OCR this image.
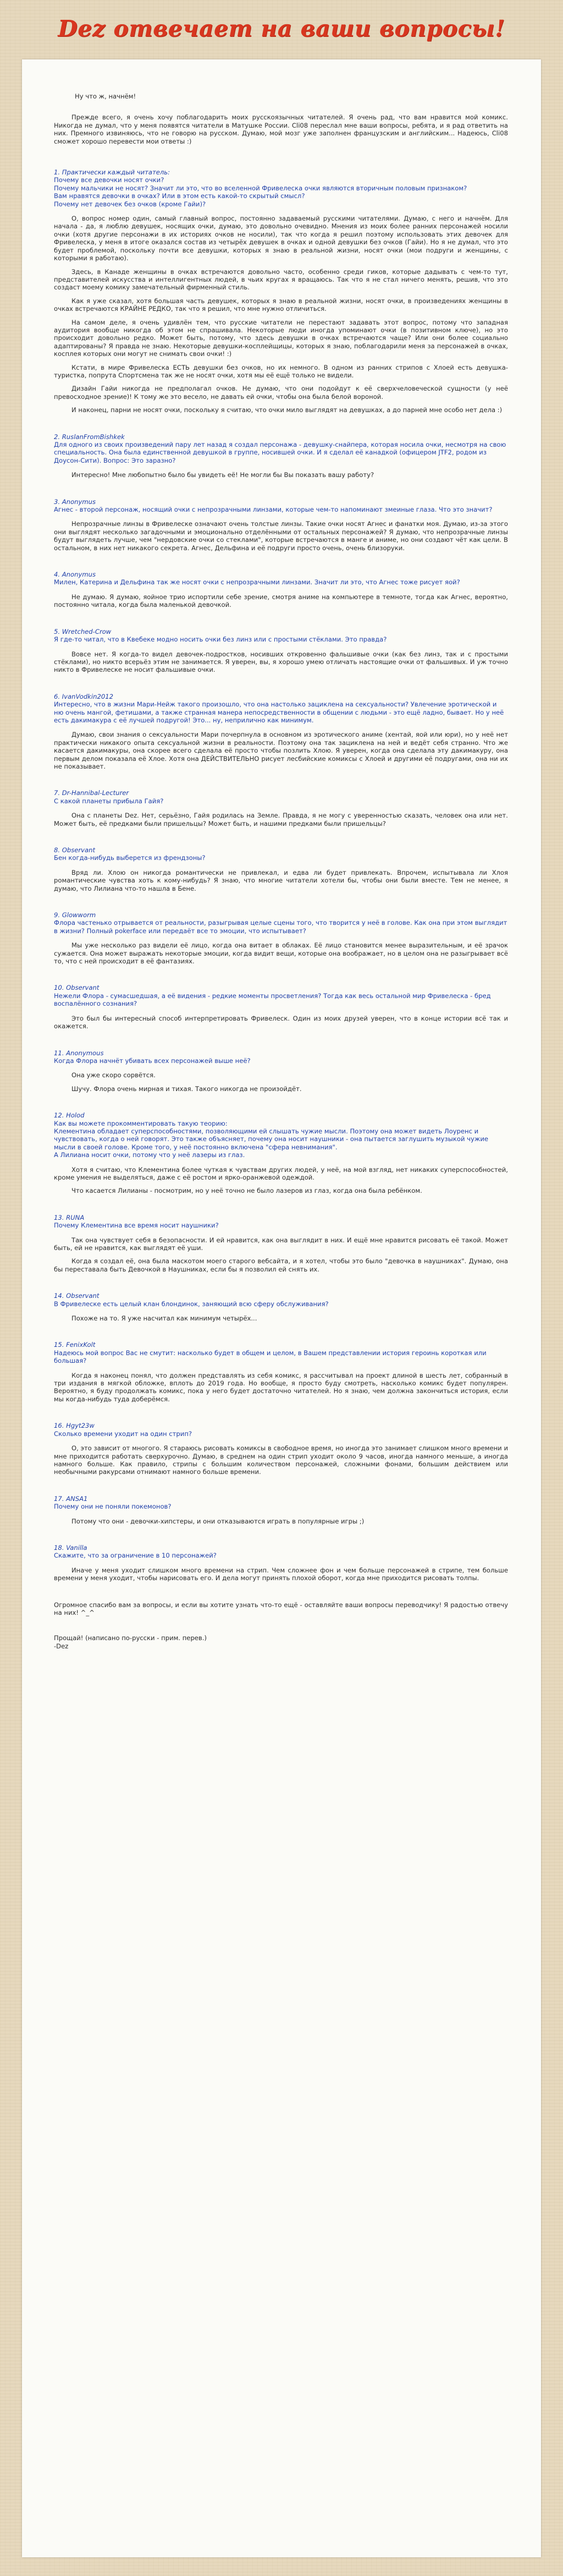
Dez отвечает на ваши вопросы!
Ну что ж, начнём!

Прежде всего, я очень хочу поблагодарить моих русскоязычных читателей. Я очень рад, что вам нравится мой комикс. Никогда не думал, что у меня появятся читатели в Матушке России. Cli08 переслал мне ваши вопросы, ребята, и я рад ответить на них. Премного извиняюсь, что не говорю на русском. Думаю, мой мозг уже заполнен французским и английским... Надеюсь, Cli08 сможет хорошо перевести мои ответы :)

1. Практически каждый читатель:
Почему все девочки носят очки?
Почему мальчики не носят? Значит ли это, что во вселенной Фривелеска очки являются вторичным половым признаком?
Вам нравятся девочки в очках? Или в этом есть какой-то скрытый смысл?
Почему нет девочек без очков (кроме Гайи)?

О, вопрос номер один, самый главный вопрос, постоянно задаваемый русскими читателями. Думаю, с него и начнём. Для начала - да, я люблю девушек, носящих очки, думаю, это довольно очевидно. Мнения из моих более ранних персонажей носили очки (хотя другие персонажи в их историях очков не носили), так что когда я решил поэтому использовать этих девочек для Фривелеска, у меня в итоге оказался состав из четырёх девушек в очках и одной девушки без очков (Гайи). Но я не думал, что это будет проблемой, поскольку почти все девушки, которых я знаю в реальной жизни, носят очки (мои подруги и женщины, с которыми я работаю).

Здесь, в Канаде женщины в очках встречаются довольно часто, особенно среди гиков, которые дадывать с чем-то тут, представителей искусства и интеллигентных людей, в чьих кругах я вращаюсь. Так что я не стал ничего менять, решив, что это создаст моему комику замечательный фирменный стиль.

Как я уже сказал, хотя большая часть девушек, которых я знаю в реальной жизни, носят очки, в произведениях женщины в очках встречаются КРАЙНЕ РЕДКО, так что я решил, что мне нужно отличиться.

На самом деле, я очень удивлён тем, что русские читатели не перестают задавать этот вопрос, потому что западная аудитория вообще никогда об этом не спрашивала. Некоторые люди иногда упоминают очки (в позитивном ключе), но это происходит довольно редко. Может быть, потому, что здесь девушки в очках встречаются чаще? Или они более социально адаптированы? Я правда не знаю. Некоторые девушки-косплейщицы, которых я знаю, поблагодарили меня за персонажей в очках, косплея которых они могут не снимать свои очки! :)

Кстати, в мире Фривелеска ЕСТЬ девушки без очков, но их немного. В одном из ранних стрипов с Хлоей есть девушка-туристка, попрута Спортсмена так же не носят очки, хотя мы её ещё только не видели.

Дизайн Гайи никогда не предполагал очков. Не думаю, что они подойдут к её сверхчеловеческой сущности (у неё превосходное зрение)! К тому же это весело, не давать ей очки, чтобы она была белой вороной.

И наконец, парни не носят очки, поскольку я считаю, что очки мило выглядят на девушках, а до парней мне особо нет дела :)

2. RuslanFromBishkek
Для одного из своих произведений пару лет назад я создал персонажа - девушку-снайпера, которая носила очки, несмотря на свою специальность. Она была единственной девушкой в группе, носившей очки. И я сделал её канадкой (офицером JTF2, родом из Доусон-Сити). Вопрос: Это заразно?

Интересно! Мне любопытно было бы увидеть её! Не могли бы Вы показать вашу работу?

3. Anonymus
Агнес - второй персонаж, носящий очки с непрозрачными линзами, которые чем-то напоминают змеиные глаза. Что это значит?

Непрозрачные линзы в Фривелеске означают очень толстые линзы. Такие очки носят Агнес и фанатки моя. Думаю, из-за этого они выглядят несколько загадочными и эмоционально отделёнными от остальных персонажей? Я думаю, что непрозрачные линзы будут выглядеть лучше, чем "нердовские очки со стеклами", которые встречаются в манге и аниме, но они создают чёт как цели. В остальном, в них нет никакого секрета. Агнес, Дельфина и её подруги просто очень, очень близоруки.

4. Anonymus
Милен, Катерина и Дельфина так же носят очки с непрозрачными линзами. Значит ли это, что Агнес тоже рисует яой?

Не думаю. Я думаю, яойное трио испортили себе зрение, смотря аниме на компьютере в темноте, тогда как Агнес, вероятно, постоянно читала, когда была маленькой девочкой.

5. Wretched-Crow
Я где-то читал, что в Квебеке модно носить очки без линз или с простыми стёклами. Это правда?

Вовсе нет. Я когда-то видел девочек-подростков, носивших откровенно фальшивые очки (как без линз, так и с простыми стёклами), но никто всерьёз этим не занимается. Я уверен, вы, я хорошо умею отличать настоящие очки от фальшивых. И уж точно никто в Фривелеске не носит фальшивые очки.

6. IvanVodkin2012
Интересно, что в жизни Мари-Нейж такого произошло, что она настолько зациклена на сексуальности? Увлечение эротической и ню очень мангой, фетишами, а также странная манера непосредственности в общении с людьми - это ещё ладно, бывает. Но у неё есть дакимакура с её лучшей подругой! Это... ну, неприлично как минимум.

Думаю, свои знания о сексуальности Мари почерпнула в основном из эротического аниме (хентай, яой или юри), но у неё нет практически никакого опыта сексуальной жизни в реальности. Поэтому она так зациклена на ней и ведёт себя странно. Что же касается дакимакуры, она скорее всего сделала её просто чтобы позлить Хлою. Я уверен, когда она сделала эту дакимакуру, она первым делом показала её Хлое. Хотя она ДЕЙСТВИТЕЛЬНО рисует лесбийские комиксы с Хлоей и другими её подругами, она ни их не показывает.

7. Dr-Hannibal-Lecturer
С какой планеты прибыла Гайя?

Она с планеты Dez. Нет, серьёзно, Гайя родилась на Земле. Правда, я не могу с уверенностью сказать, человек она или нет. Может быть, её предками были пришельцы? Может быть, и нашими предками были пришельцы?

8. Observant
Бен когда-нибудь выберется из френдзоны?

Вряд ли. Хлою он никогда романтически не привлекал, и едва ли будет привлекать. Впрочем, испытывала ли Хлоя романтические чувства хоть к кому-нибудь? Я знаю, что многие читатели хотели бы, чтобы они были вместе. Тем не менее, я думаю, что Лилиана что-то нашла в Бене.

9. Glowworm
Флора частенько отрывается от реальности, разыгрывая целые сцены того, что творится у неё в голове. Как она при этом выглядит в жизни? Полный pokerface или передаёт все то эмоции, что испытывает?

Мы уже несколько раз видели её лицо, когда она витает в облаках. Её лицо становится менее выразительным, и её зрачок сужается. Она может выражать некоторые эмоции, когда видит вещи, которые она воображает, но в целом она не разыгрывает всё то, что с ней происходит в её фантазиях.

10. Observant
Нежели Флора - сумасшедшая, а её видения - редкие моменты просветления? Тогда как весь остальной мир Фривелеска - бред воспалённого сознания?

Это был бы интересный способ интерпретировать Фривелеск. Один из моих друзей уверен, что в конце истории всё так и окажется.

11. Anonymous
Когда Флора начнёт убивать всех персонажей выше неё?

Она уже скоро сорвётся.

Шучу. Флора очень мирная и тихая. Такого никогда не произойдёт.

12. Holod
Как вы можете прокомментировать такую теорию:
Клементина обладает суперспособностями, позволяющими ей слышать чужие мысли. Поэтому она может видеть Лоуренс и чувствовать, когда о ней говорят. Это также объясняет, почему она носит наушники - она пытается заглушить музыкой чужие мысли в своей голове. Кроме того, у неё постоянно включена "сфера невнимания".
А Лилиана носит очки, потому что у неё лазеры из глаз.

Хотя я считаю, что Клементина более чуткая к чувствам других людей, у неё, на мой взгляд, нет никаких суперспособностей, кроме умения не выделяться, даже с её ростом и ярко-оранжевой одеждой.

Что касается Лилианы - посмотрим, но у неё точно не было лазеров из глаз, когда она была ребёнком.

13. RUNA
Почему Клементина все время носит наушники?

Так она чувствует себя в безопасности. И ей нравится, как она выглядит в них. И ещё мне нравится рисовать её такой. Может быть, ей не нравится, как выглядят её уши.

Когда я создал её, она была маскотом моего старого вебсайта, и я хотел, чтобы это было "девочка в наушниках". Думаю, она бы переставала быть Девочкой в Наушниках, если бы я позволил ей снять их.

14. Observant
В Фривелеске есть целый клан блондинок, заняющий всю сферу обслуживания?

Похоже на то. Я уже насчитал как минимум четырёх...

15. FenixKolt
Надеюсь мой вопрос Вас не смутит: насколько будет в общем и целом, в Вашем представлении история героинь короткая или большая?

Когда я наконец понял, что должен представлять из себя комикс, я рассчитывал на проект длиной в шесть лет, собранный в три издания в мягкой обложке, вплоть до 2019 года. Но вообще, я просто буду смотреть, насколько комикс будет популярен. Вероятно, я буду продолжать комикс, пока у него будет достаточно читателей. Но я знаю, чем должна закончиться история, если мы когда-нибудь туда доберёмся.

16. Hgyt23w
Сколько времени уходит на один стрип?

О, это зависит от многого. Я стараюсь рисовать комиксы в свободное время, но иногда это занимает слишком много времени и мне приходится работать сверхурочно. Думаю, в среднем на один стрип уходит около 9 часов, иногда намного меньше, а иногда намного больше. Как правило, стрипы с большим количеством персонажей, сложными фонами, большим действием или необычными ракурсами отнимают намного больше времени.

17. ANSA1
Почему они не поняли покемонов?

Потому что они - девочки-хипстеры, и они отказываются играть в популярные игры ;)

18. Vanilla
Скажите, что за ограничение в 10 персонажей?

Иначе у меня уходит слишком много времени на стрип. Чем сложнее фон и чем больше персонажей в стрипе, тем больше времени у меня уходит, чтобы нарисовать его. И дела могут принять плохой оборот, когда мне приходится рисовать толпы.

Огромное спасибо вам за вопросы, и если вы хотите узнать что-то ещё - оставляйте ваши вопросы переводчику! Я радостью отвечу на них! ^_^

Прощай! (написано по-русски - прим. перев.)
-Dez
